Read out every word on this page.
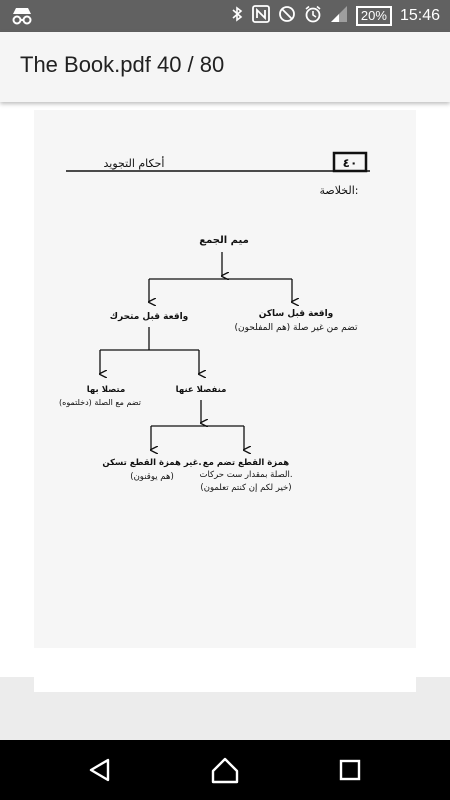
20% 15:46
The Book.pdf 40 / 80
٤٠
أحكام التجويد
الخلاصة:
ميم الجمع
واقعة قبل متحرك	واقعة قبل ساكن
تضم من غير صلة (هم المفلحون)
متصلا بها
تضم مع الصلة (دخلتموه)
منفصلا عنها
غير همزة القطع تسكن.
(هم يوقنون)
همزة القطع تضم مع
الصلة بمقدار ست حركات.
(خير لكم إن كنتم تعلمون)
